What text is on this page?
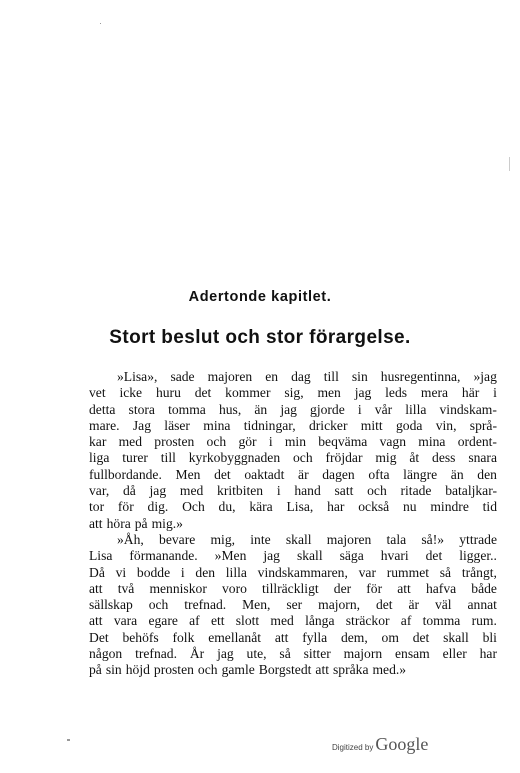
Adertonde kapitlet.
Stort beslut och stor förargelse.
»Lisa», sade majoren en dag till sin husregentinna, »jag
vet icke huru det kommer sig, men jag leds mera här i
detta stora tomma hus, än jag gjorde i vår lilla vindskam-
mare. Jag läser mina tidningar, dricker mitt goda vin, språ-
kar med prosten och gör i min beqväma vagn mina ordent-
liga turer till kyrkobyggnaden och fröjdar mig åt dess snara
fullbordande. Men det oaktadt är dagen ofta längre än den
var, då jag med kritbiten i hand satt och ritade bataljkar-
tor för dig. Och du, kära Lisa, har också nu mindre tid
att höra på mig.»
»Åh, bevare mig, inte skall majoren tala så!» yttrade
Lisa förmanande. »Men jag skall säga hvari det ligger..
Då vi bodde i den lilla vindskammaren, var rummet så trångt,
att två menniskor voro tillräckligt der för att hafva både
sällskap och trefnad. Men, ser majorn, det är väl annat
att vara egare af ett slott med långa sträckor af tomma rum.
Det behöfs folk emellanåt att fylla dem, om det skall bli
någon trefnad. År jag ute, så sitter majorn ensam eller har
på sin höjd prosten och gamle Borgstedt att språka med.»
Digitized by Google
